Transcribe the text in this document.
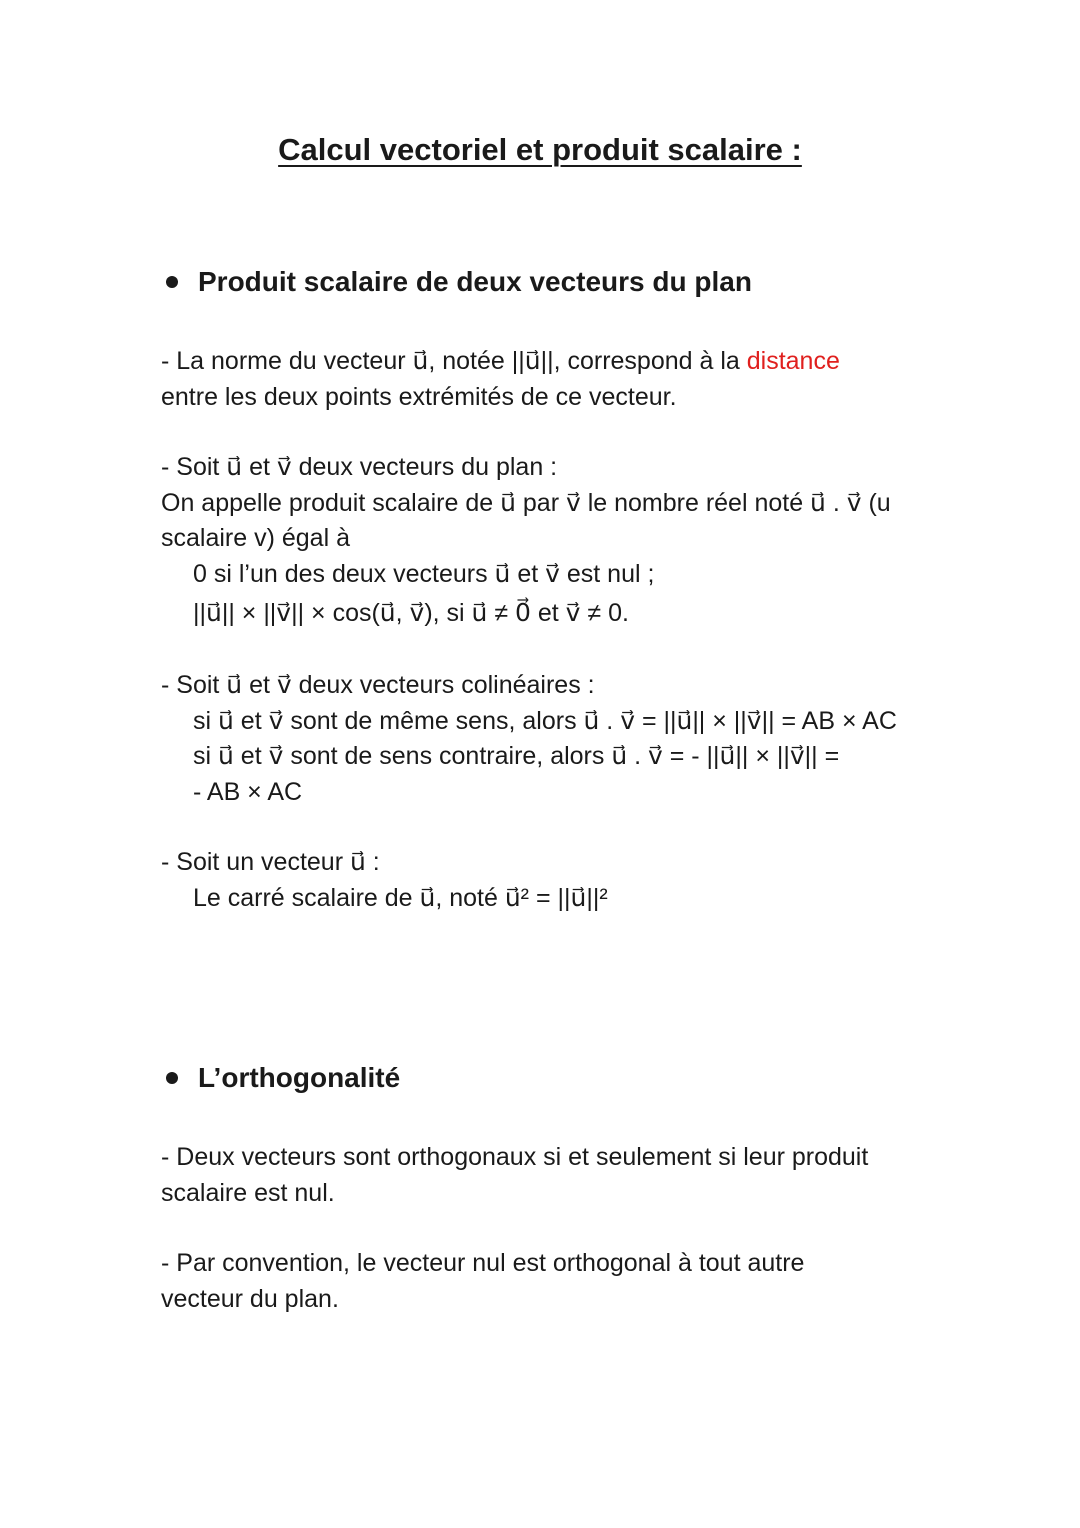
Calcul vectoriel et produit scalaire :
Produit scalaire de deux vecteurs du plan
- La norme du vecteur u⃗, notée ||u⃗||, correspond à la distance
entre les deux points extrémités de ce vecteur.
- Soit u⃗ et v⃗ deux vecteurs du plan :
On appelle produit scalaire de u⃗ par v⃗ le nombre réel noté u⃗ . v⃗ (u
scalaire v) égal à
0 si l’un des deux vecteurs u⃗ et v⃗ est nul ;
||u⃗|| × ||v⃗|| × cos(u⃗, v⃗), si u⃗ ≠ 0⃗ et v⃗ ≠ 0.
- Soit u⃗ et v⃗ deux vecteurs colinéaires :
si u⃗ et v⃗ sont de même sens, alors u⃗ . v⃗ = ||u⃗|| × ||v⃗|| = AB × AC
si u⃗ et v⃗ sont de sens contraire, alors u⃗ . v⃗ = - ||u⃗|| × ||v⃗|| =
- AB × AC
- Soit un vecteur u⃗ :
Le carré scalaire de u⃗, noté u⃗² = ||u⃗||²
L’orthogonalité
- Deux vecteurs sont orthogonaux si et seulement si leur produit
scalaire est nul.
- Par convention, le vecteur nul est orthogonal à tout autre
vecteur du plan.
